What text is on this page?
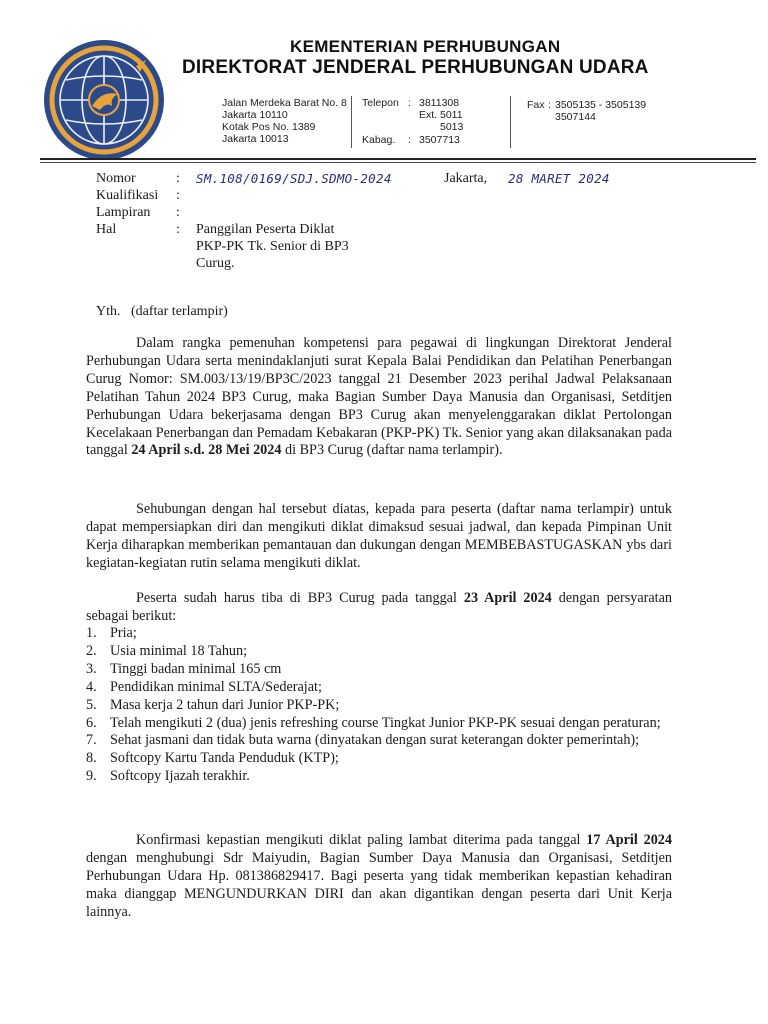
KEMENTERIAN PERHUBUNGAN
DIREKTORAT JENDERAL PERHUBUNGAN UDARA
Jalan Merdeka Barat No. 8
Jakarta 10110
Kotak Pos No. 1389
Jakarta 10013
Telepon : 3811308
Ext. 5011
5013
Kabag. : 3507713
Fax : 3505135 - 3505139
3507144
Nomor	: SM.108/0169/SDJ.SDMO-2024	Jakarta, 28 MARET 2024
Kualifikasi :
Lampiran :
Hal	: Panggilan Peserta Diklat
PKP-PK Tk. Senior di BP3
Curug.
Yth.   (daftar terlampir)
Dalam rangka pemenuhan kompetensi para pegawai di lingkungan Direktorat Jenderal Perhubungan Udara serta menindaklanjuti surat Kepala Balai Pendidikan dan Pelatihan Penerbangan Curug Nomor: SM.003/13/19/BP3C/2023 tanggal 21 Desember 2023 perihal Jadwal Pelaksanaan Pelatihan Tahun 2024 BP3 Curug, maka Bagian Sumber Daya Manusia dan Organisasi, Setditjen Perhubungan Udara bekerjasama dengan BP3 Curug akan menyelenggarakan diklat Pertolongan Kecelakaan Penerbangan dan Pemadam Kebakaran (PKP-PK) Tk. Senior yang akan dilaksanakan pada tanggal 24 April s.d. 28 Mei 2024 di BP3 Curug (daftar nama terlampir).
Sehubungan dengan hal tersebut diatas, kepada para peserta (daftar nama terlampir) untuk dapat mempersiapkan diri dan mengikuti diklat dimaksud sesuai jadwal, dan kepada Pimpinan Unit Kerja diharapkan memberikan pemantauan dan dukungan dengan MEMBEBASTUGASKAN ybs dari kegiatan-kegiatan rutin selama mengikuti diklat.
Peserta sudah harus tiba di BP3 Curug pada tanggal 23 April 2024 dengan persyaratan sebagai berikut:
1. Pria;
2. Usia minimal 18 Tahun;
3. Tinggi badan minimal 165 cm
4. Pendidikan minimal SLTA/Sederajat;
5. Masa kerja 2 tahun dari Junior PKP-PK;
6. Telah mengikuti 2 (dua) jenis refreshing course Tingkat Junior PKP-PK sesuai dengan peraturan;
7. Sehat jasmani dan tidak buta warna (dinyatakan dengan surat keterangan dokter pemerintah);
8. Softcopy Kartu Tanda Penduduk (KTP);
9. Softcopy Ijazah terakhir.
Konfirmasi kepastian mengikuti diklat paling lambat diterima pada tanggal 17 April 2024 dengan menghubungi Sdr Maiyudin, Bagian Sumber Daya Manusia dan Organisasi, Setditjen Perhubungan Udara Hp. 081386829417. Bagi peserta yang tidak memberikan kepastian kehadiran maka dianggap MENGUNDURKAN DIRI dan akan digantikan dengan peserta dari Unit Kerja lainnya.
